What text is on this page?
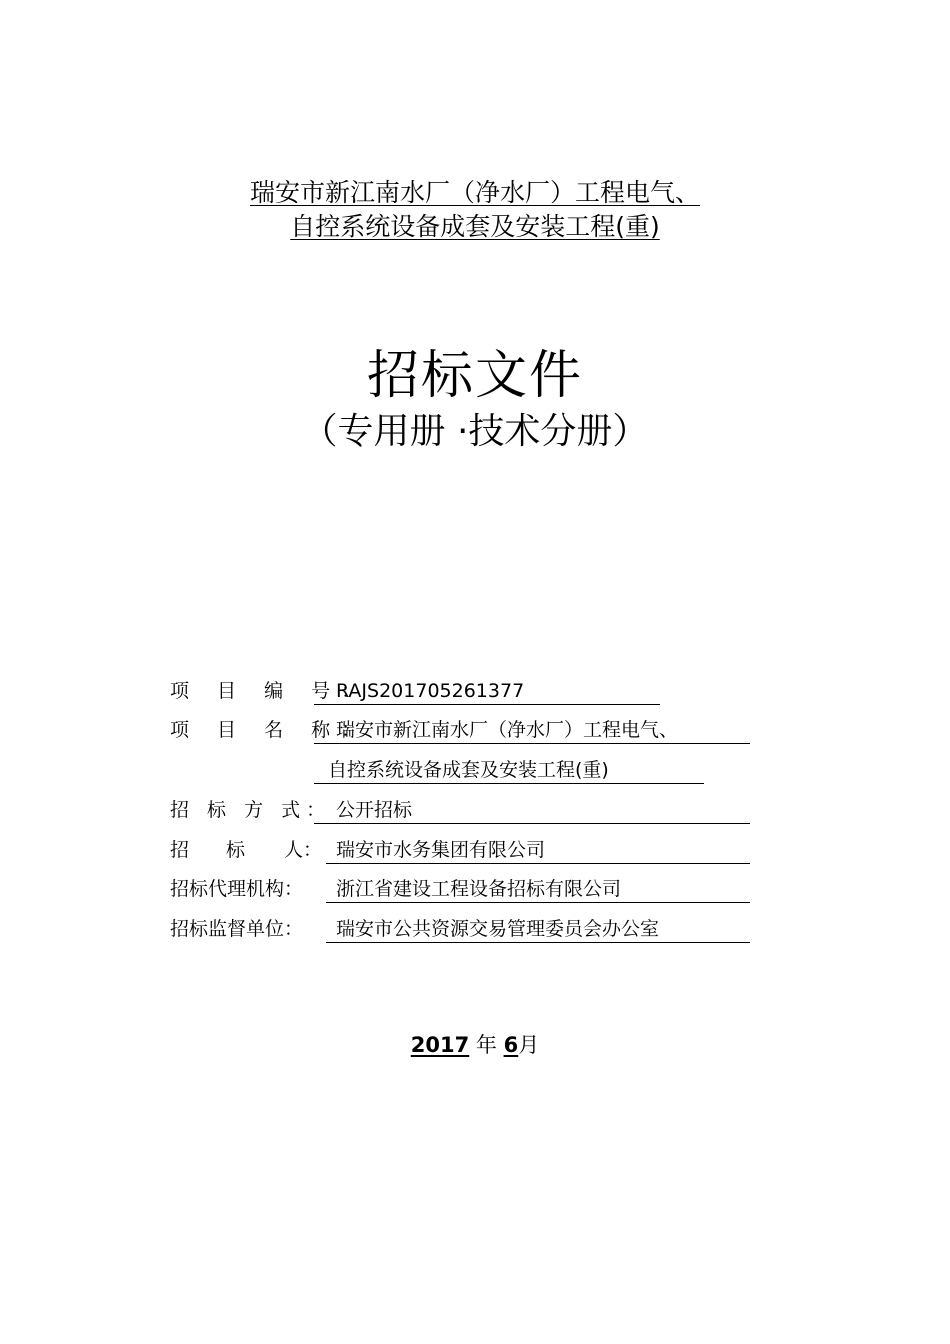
瑞安市新江南水厂（净水厂）工程电气、
自控系统设备成套及安装工程(重)
招标文件
（专用册 ·技术分册）
项 目 编 号：
RAJS201705261377
项 目 名 称：
瑞安市新江南水厂（净水厂）工程电气、
自控系统设备成套及安装工程(重)
招 标 方 式： 公开招标
招 标 人： 瑞安市水务集团有限公司
招标代理机构：	浙江省建设工程设备招标有限公司
招标监督单位：	瑞安市公共资源交易管理委员会办公室
2017 年 6月
